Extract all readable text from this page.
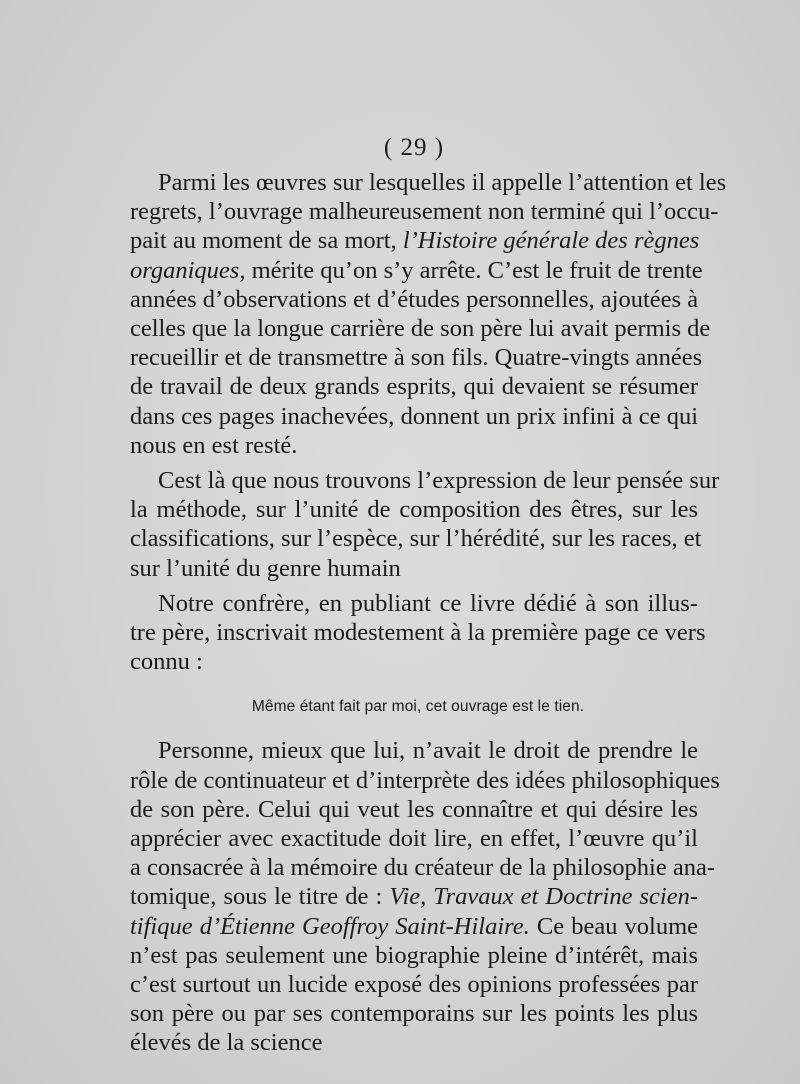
( 29 )
Parmi les œuvres sur lesquelles il appelle l’attention et les
regrets, l’ouvrage malheureusement non terminé qui l’occu-
pait au moment de sa mort, l’Histoire générale des règnes
organiques, mérite qu’on s’y arrête. C’est le fruit de trente
années d’observations et d’études personnelles, ajoutées à
celles que la longue carrière de son père lui avait permis de
recueillir et de transmettre à son fils. Quatre-vingts années
de travail de deux grands esprits, qui devaient se résumer
dans ces pages inachevées, donnent un prix infini à ce qui
nous en est resté.
Cest là que nous trouvons l’expression de leur pensée sur
la méthode, sur l’unité de composition des êtres, sur les
classifications, sur l’espèce, sur l’hérédité, sur les races, et
sur l’unité du genre humain
Notre confrère, en publiant ce livre dédié à son illus-
tre père, inscrivait modestement à la première page ce vers
connu :
Même étant fait par moi, cet ouvrage est le tien.
Personne, mieux que lui, n’avait le droit de prendre le
rôle de continuateur et d’interprète des idées philosophiques
de son père. Celui qui veut les connaître et qui désire les
apprécier avec exactitude doit lire, en effet, l’œuvre qu’il
a consacrée à la mémoire du créateur de la philosophie ana-
tomique, sous le titre de : Vie, Travaux et Doctrine scien-
tifique d’Étienne Geoffroy Saint-Hilaire. Ce beau volume
n’est pas seulement une biographie pleine d’intérêt, mais
c’est surtout un lucide exposé des opinions professées par
son père ou par ses contemporains sur les points les plus
élevés de la science
